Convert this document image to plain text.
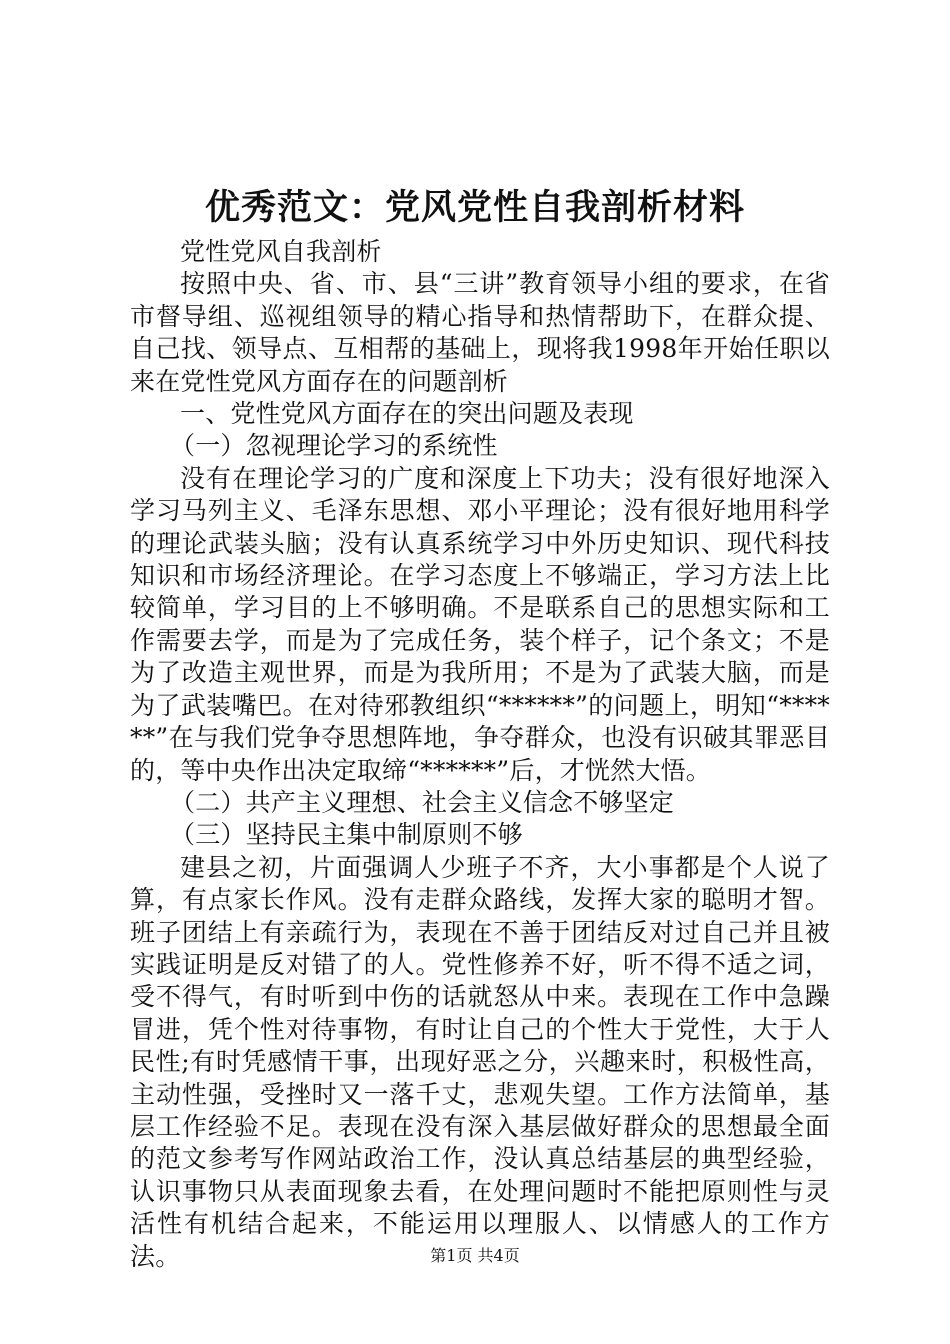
优秀范文：党风党性自我剖析材料

党性党风自我剖析

按照中央、省、市、县“三讲”教育领导小组的要求，在省市督导组、巡视组领导的精心指导和热情帮助下，在群众提、自己找、领导点、互相帮的基础上，现将我1998年开始任职以来在党性党风方面存在的问题剖析

一、党性党风方面存在的突出问题及表现

（一）忽视理论学习的系统性

没有在理论学习的广度和深度上下功夫；没有很好地深入学习马列主义、毛泽东思想、邓小平理论；没有很好地用科学的理论武装头脑；没有认真系统学习中外历史知识、现代科技知识和市场经济理论。在学习态度上不够端正，学习方法上比较简单，学习目的上不够明确。不是联系自己的思想实际和工作需要去学，而是为了完成任务，装个样子，记个条文；不是为了改造主观世界，而是为我所用；不是为了武装大脑，而是为了武装嘴巴。在对待邪教组织“******”的问题上，明知“******”在与我们党争夺思想阵地，争夺群众，也没有识破其罪恶目的，等中央作出决定取缔“******”后，才恍然大悟。

（二）共产主义理想、社会主义信念不够坚定

（三）坚持民主集中制原则不够

建县之初，片面强调人少班子不齐，大小事都是个人说了算，有点家长作风。没有走群众路线，发挥大家的聪明才智。班子团结上有亲疏行为，表现在不善于团结反对过自己并且被实践证明是反对错了的人。党性修养不好，听不得不适之词，受不得气，有时听到中伤的话就怒从中来。表现在工作中急躁冒进，凭个性对待事物，有时让自己的个性大于党性，大于人民性;有时凭感情干事，出现好恶之分，兴趣来时，积极性高，主动性强，受挫时又一落千丈，悲观失望。工作方法简单，基层工作经验不足。表现在没有深入基层做好群众的思想最全面的范文参考写作网站政治工作，没认真总结基层的典型经验，认识事物只从表面现象去看，在处理问题时不能把原则性与灵活性有机结合起来，不能运用以理服人、以情感人的工作方法。	第1页 共4页
